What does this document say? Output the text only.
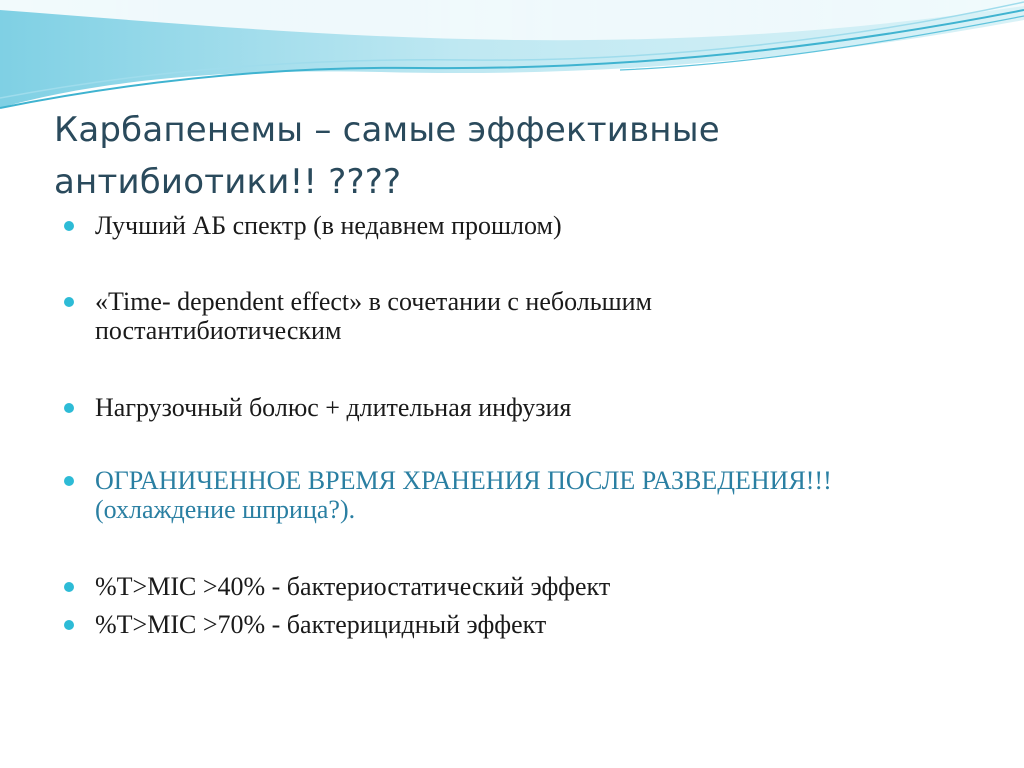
Карбапенемы – самые эффективные
антибиотики!! ????
Лучший АБ спектр (в недавнем прошлом)
«Time- dependent effect» в сочетании с небольшим постантибиотическим
Нагрузочный болюс + длительная инфузия
ОГРАНИЧЕННОЕ ВРЕМЯ ХРАНЕНИЯ ПОСЛЕ РАЗВЕДЕНИЯ!!! (охлаждение шприца?).
%T>MIC >40% - бактериостатический эффект
%T>MIC >70% - бактерицидный эффект
